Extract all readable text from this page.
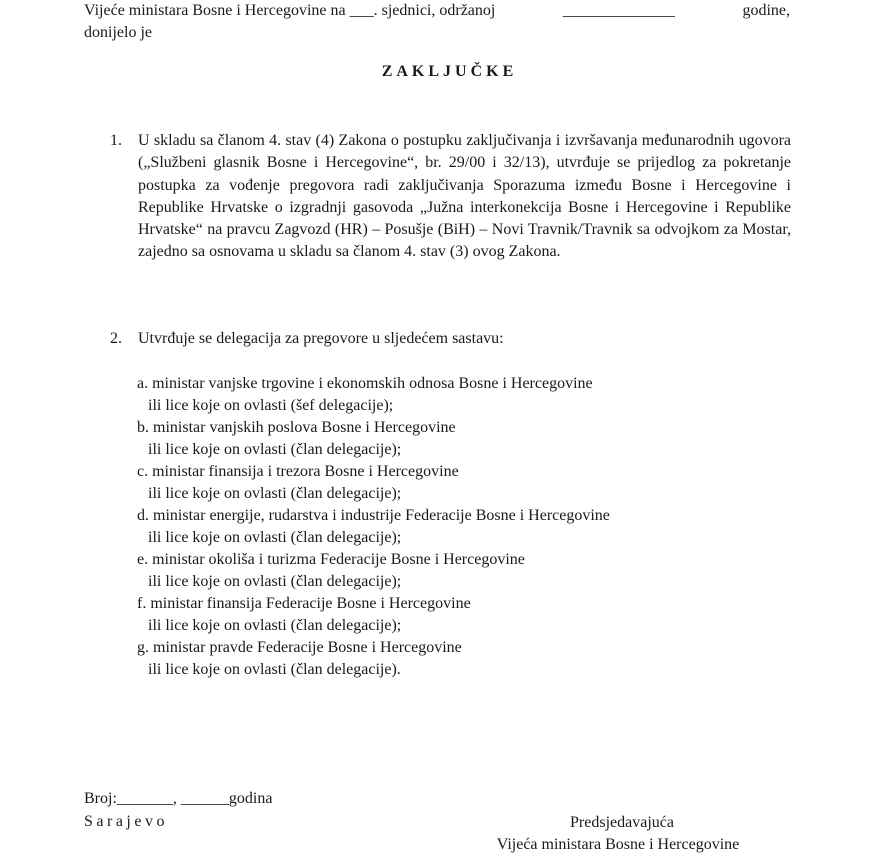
Vijeće ministara Bosne i Hercegovine na ___. sjednici, održanoj	______________	godine,
donijelo je
ZAKLJUČKE
1.	U skladu sa članom 4. stav (4) Zakona o postupku zaključivanja i izvršavanja međunarodnih ugovora („Službeni glasnik Bosne i Hercegovine“, br. 29/00 i 32/13), utvrđuje se prijedlog za pokretanje postupka za vođenje pregovora radi zaključivanja Sporazuma između Bosne i Hercegovine i Republike Hrvatske o izgradnji gasovoda „Južna interkonekcija Bosne i Hercegovine i Republike Hrvatske“ na pravcu Zagvozd (HR) – Posušje (BiH) – Novi Travnik/Travnik sa odvojkom za Mostar, zajedno sa osnovama u skladu sa članom 4. stav (3) ovog Zakona.
2.	Utvrđuje se delegacija za pregovore u sljedećem sastavu:

a. ministar vanjske trgovine i ekonomskih odnosa Bosne i Hercegovine
ili lice koje on ovlasti (šef delegacije);

b. ministar vanjskih poslova Bosne i Hercegovine
ili lice koje on ovlasti (član delegacije);

c. ministar finansija i trezora Bosne i Hercegovine
ili lice koje on ovlasti (član delegacije);

d. ministar energije, rudarstva i industrije Federacije Bosne i Hercegovine
ili lice koje on ovlasti (član delegacije);

e. ministar okoliša i turizma Federacije Bosne i Hercegovine
ili lice koje on ovlasti (član delegacije);

f. ministar finansija Federacije Bosne i Hercegovine
ili lice koje on ovlasti (član delegacije);

g. ministar pravde Federacije Bosne i Hercegovine
ili lice koje on ovlasti (član delegacije).

Broj:_______, ______godina
Sarajevo	Predsjedavajuća
Vijeća ministara Bosne i Hercegovine
